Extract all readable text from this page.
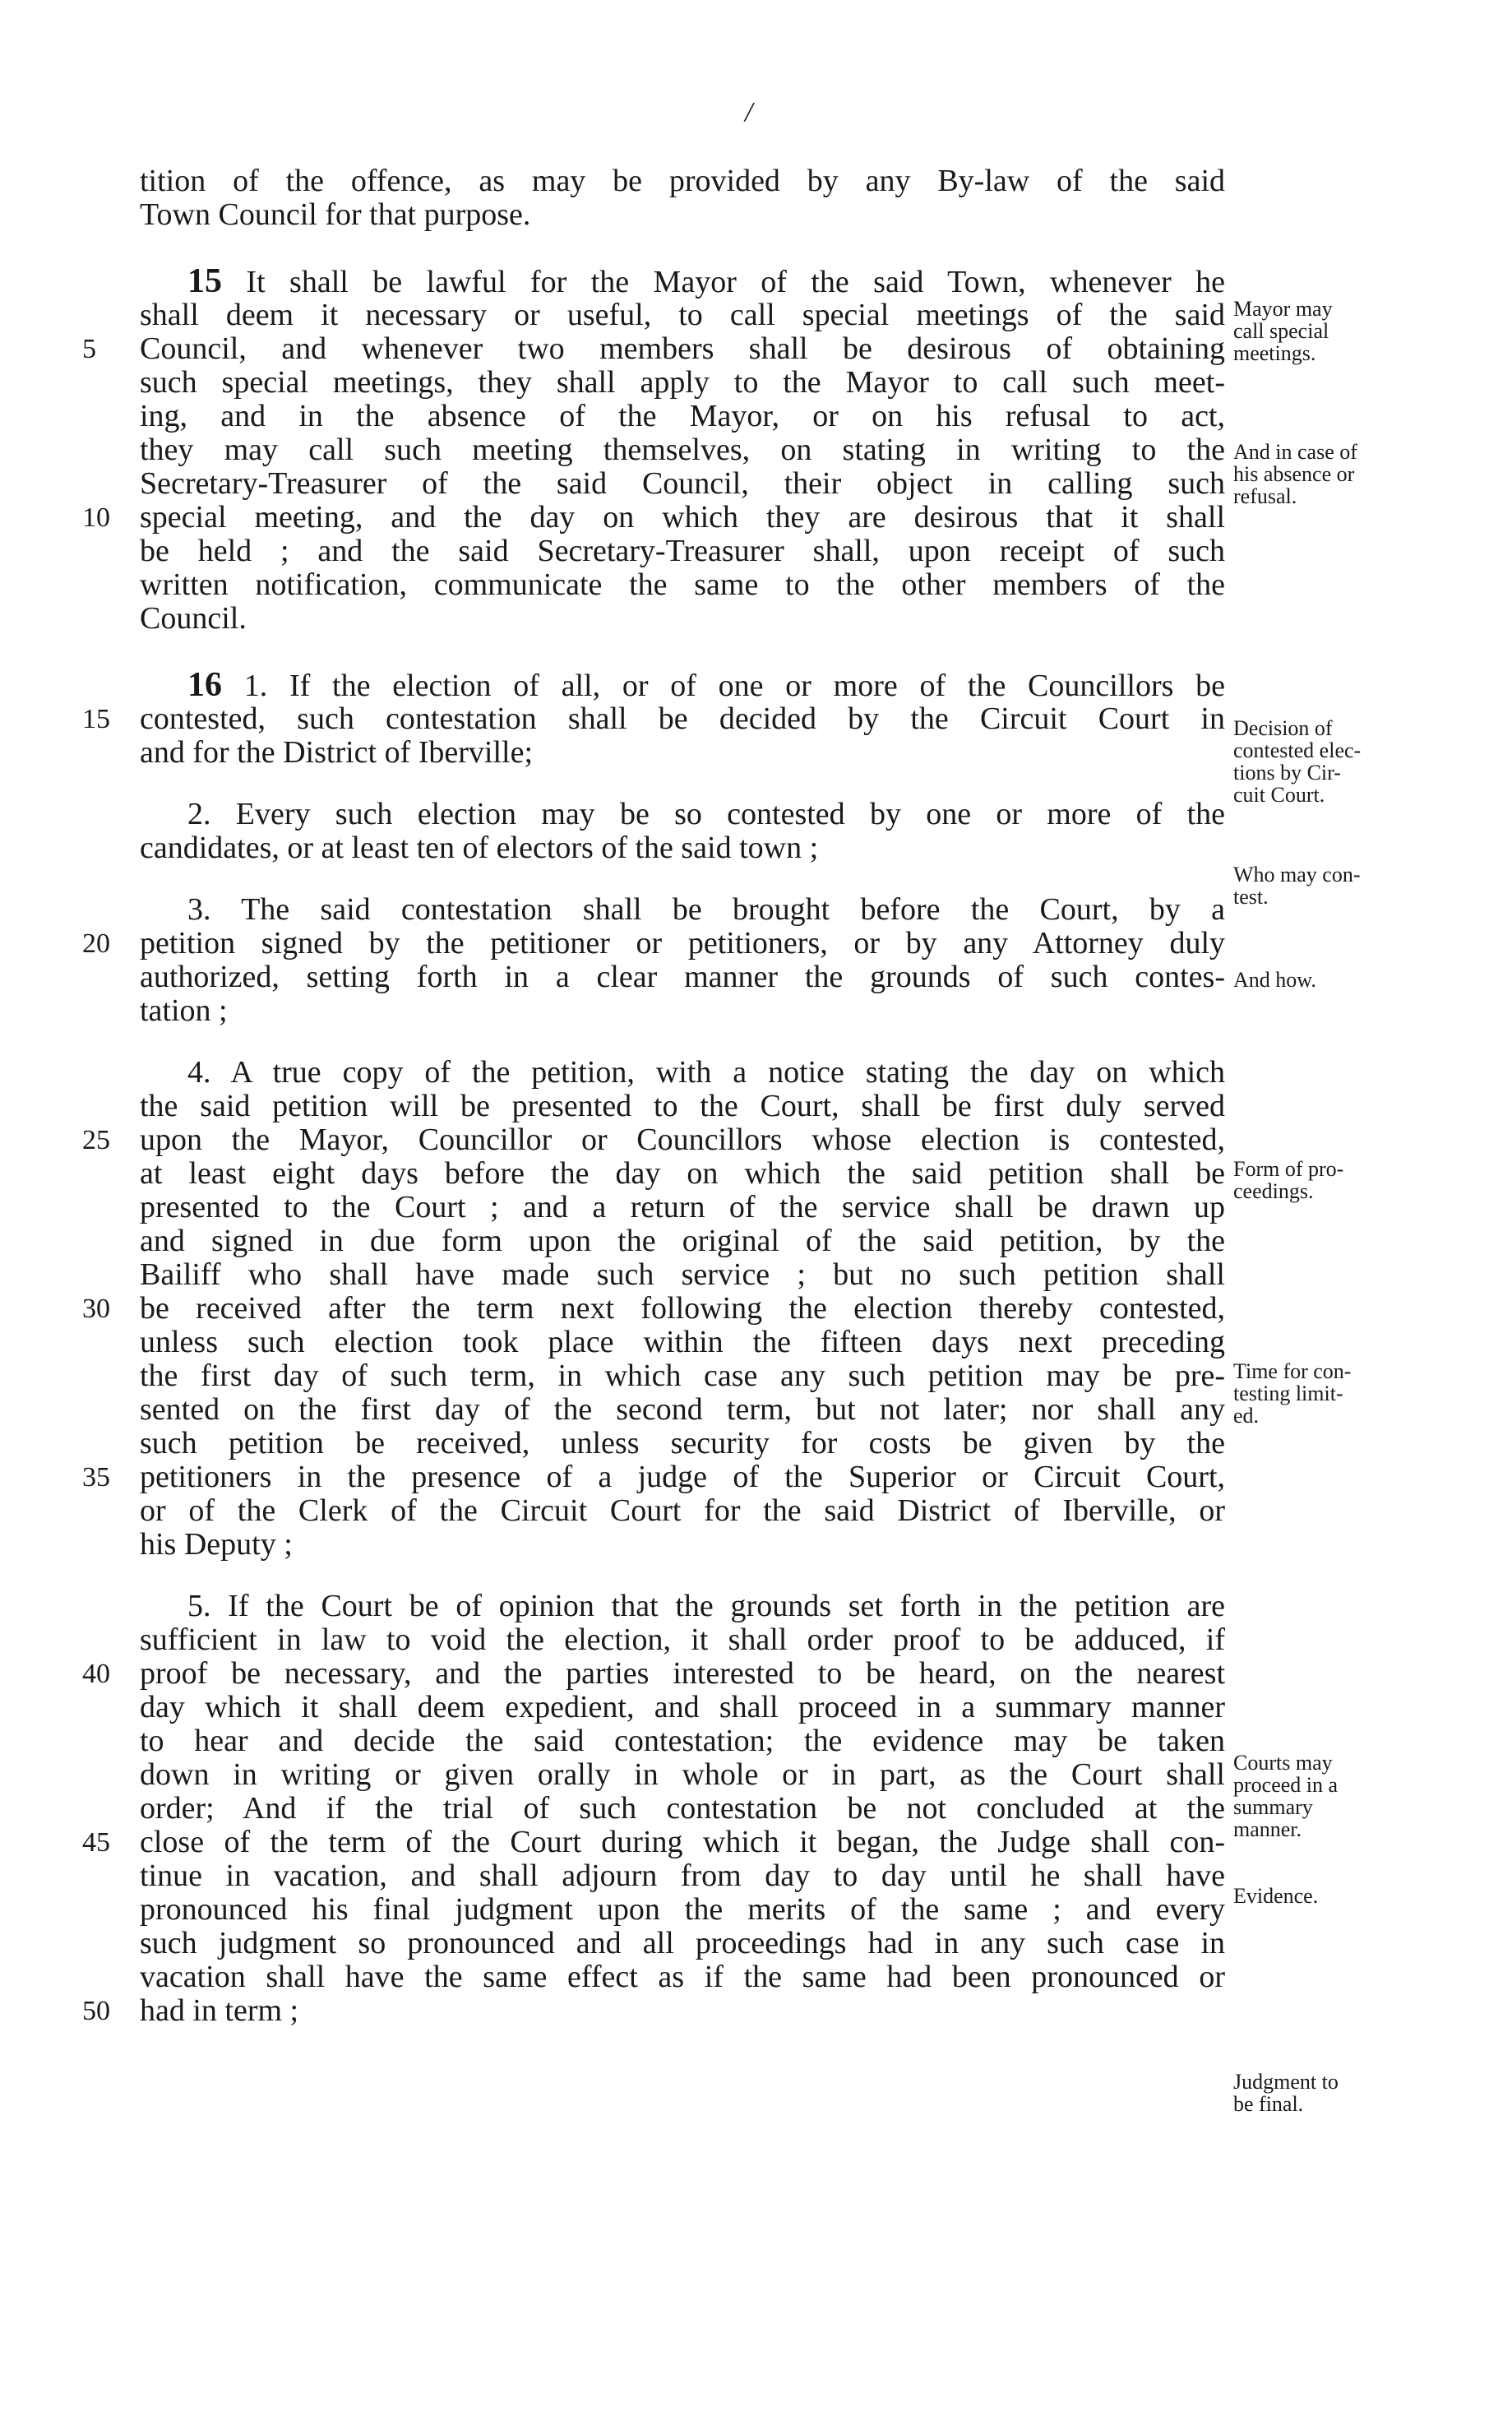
/
tition of the offence, as may be provided by any By-law of the said
Town Council for that purpose.
15 It shall be lawful for the Mayor of the said Town, whenever he
shall deem it necessary or useful, to call special meetings of the said
5	Council, and whenever two members shall be desirous of obtaining
such special meetings, they shall apply to the Mayor to call such meet-
ing, and in the absence of the Mayor, or on his refusal to act,
they may call such meeting themselves, on stating in writing to the
Secretary-Treasurer of the said Council, their object in calling such
10 special meeting, and the day on which they are desirous that it shall
be held ; and the said Secretary-Treasurer shall, upon receipt of such
written notification, communicate the same to the other members of the
Council.
16 1. If the election of all, or of one or more of the Councillors be
15 contested, such contestation shall be decided by the Circuit Court in
and for the District of Iberville;
2. Every such election may be so contested by one or more of the
candidates, or at least ten of electors of the said town ;
3. The said contestation shall be brought before the Court, by a
20 petition signed by the petitioner or petitioners, or by any Attorney duly
authorized, setting forth in a clear manner the grounds of such contes-
tation ;
4. A true copy of the petition, with a notice stating the day on which
the said petition will be presented to the Court, shall be first duly served
25 upon the Mayor, Councillor or Councillors whose election is contested,
at least eight days before the day on which the said petition shall be
presented to the Court ; and a return of the service shall be drawn up
and signed in due form upon the original of the said petition, by the
Bailiff who shall have made such service ; but no such petition shall
30 be received after the term next following the election thereby contested,
unless such election took place within the fifteen days next preceding
the first day of such term, in which case any such petition may be pre-
sented on the first day of the second term, but not later; nor shall any
such petition be received, unless security for costs be given by the
35 petitioners in the presence of a judge of the Superior or Circuit Court,
or of the Clerk of the Circuit Court for the said District of Iberville, or
his Deputy ;
5. If the Court be of opinion that the grounds set forth in the petition are
sufficient in law to void the election, it shall order proof to be adduced, if
40 proof be necessary, and the parties interested to be heard, on the nearest
day which it shall deem expedient, and shall proceed in a summary manner
to hear and decide the said contestation; the evidence may be taken
down in writing or given orally in whole or in part, as the Court shall
order; And if the trial of such contestation be not concluded at the
45 close of the term of the Court during which it began, the Judge shall con-
tinue in vacation, and shall adjourn from day to day until he shall have
pronounced his final judgment upon the merits of the same ; and every
such judgment so pronounced and all proceedings had in any such case in
vacation shall have the same effect as if the same had been pronounced or
50 had in term ;
Mayor may
call special
meetings.
And in case of
his absence or
refusal.
Decision of
contested elec-
tions by Cir-
cuit Court.
Who may con-
test.
And how.
Form of pro-
ceedings.
Time for con-
testing limit-
ed.
Courts may
proceed in a
summary
manner.
Evidence.
Judgment to
be final.
